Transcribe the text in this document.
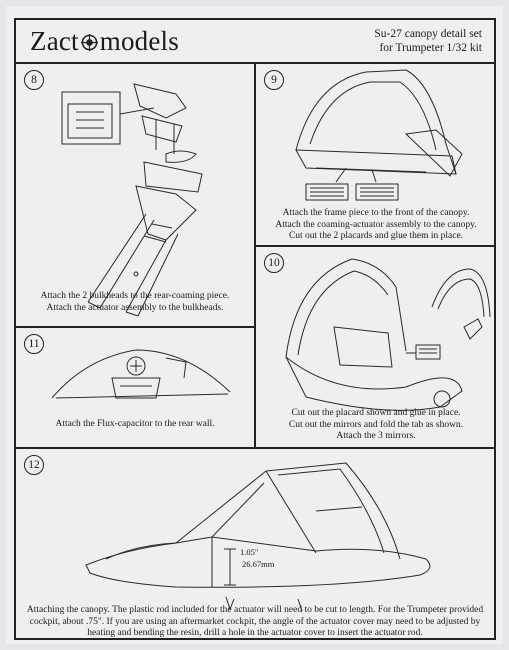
Zact models	Su-27 canopy detail set
for Trumpeter 1/32 kit
8
Attach the 2 bulkheads to the rear-coaming piece.
Attach the actuator assembly to the bulkheads.
9
Attach the frame piece to the front of the canopy.
Attach the coaming-actuator assembly to the canopy.
Cut out the 2 placards and glue them in place.
10
Cut out the placard shown and glue in place.
Cut out the mirrors and fold the tab as shown.
Attach the 3 mirrors.
11
Attach the Flux-capacitor to the rear wall.
12
1.05"
26.67mm
Attaching the canopy. The plastic rod included for the actuator will need to be cut to length. For the Trumpeter provided
cockpit, about .75". If you are using an aftermarket cockpit, the angle of the actuator cover may need to be adjusted by
heating and bending the resin, drill a hole in the actuator cover to insert the actuator rod.
